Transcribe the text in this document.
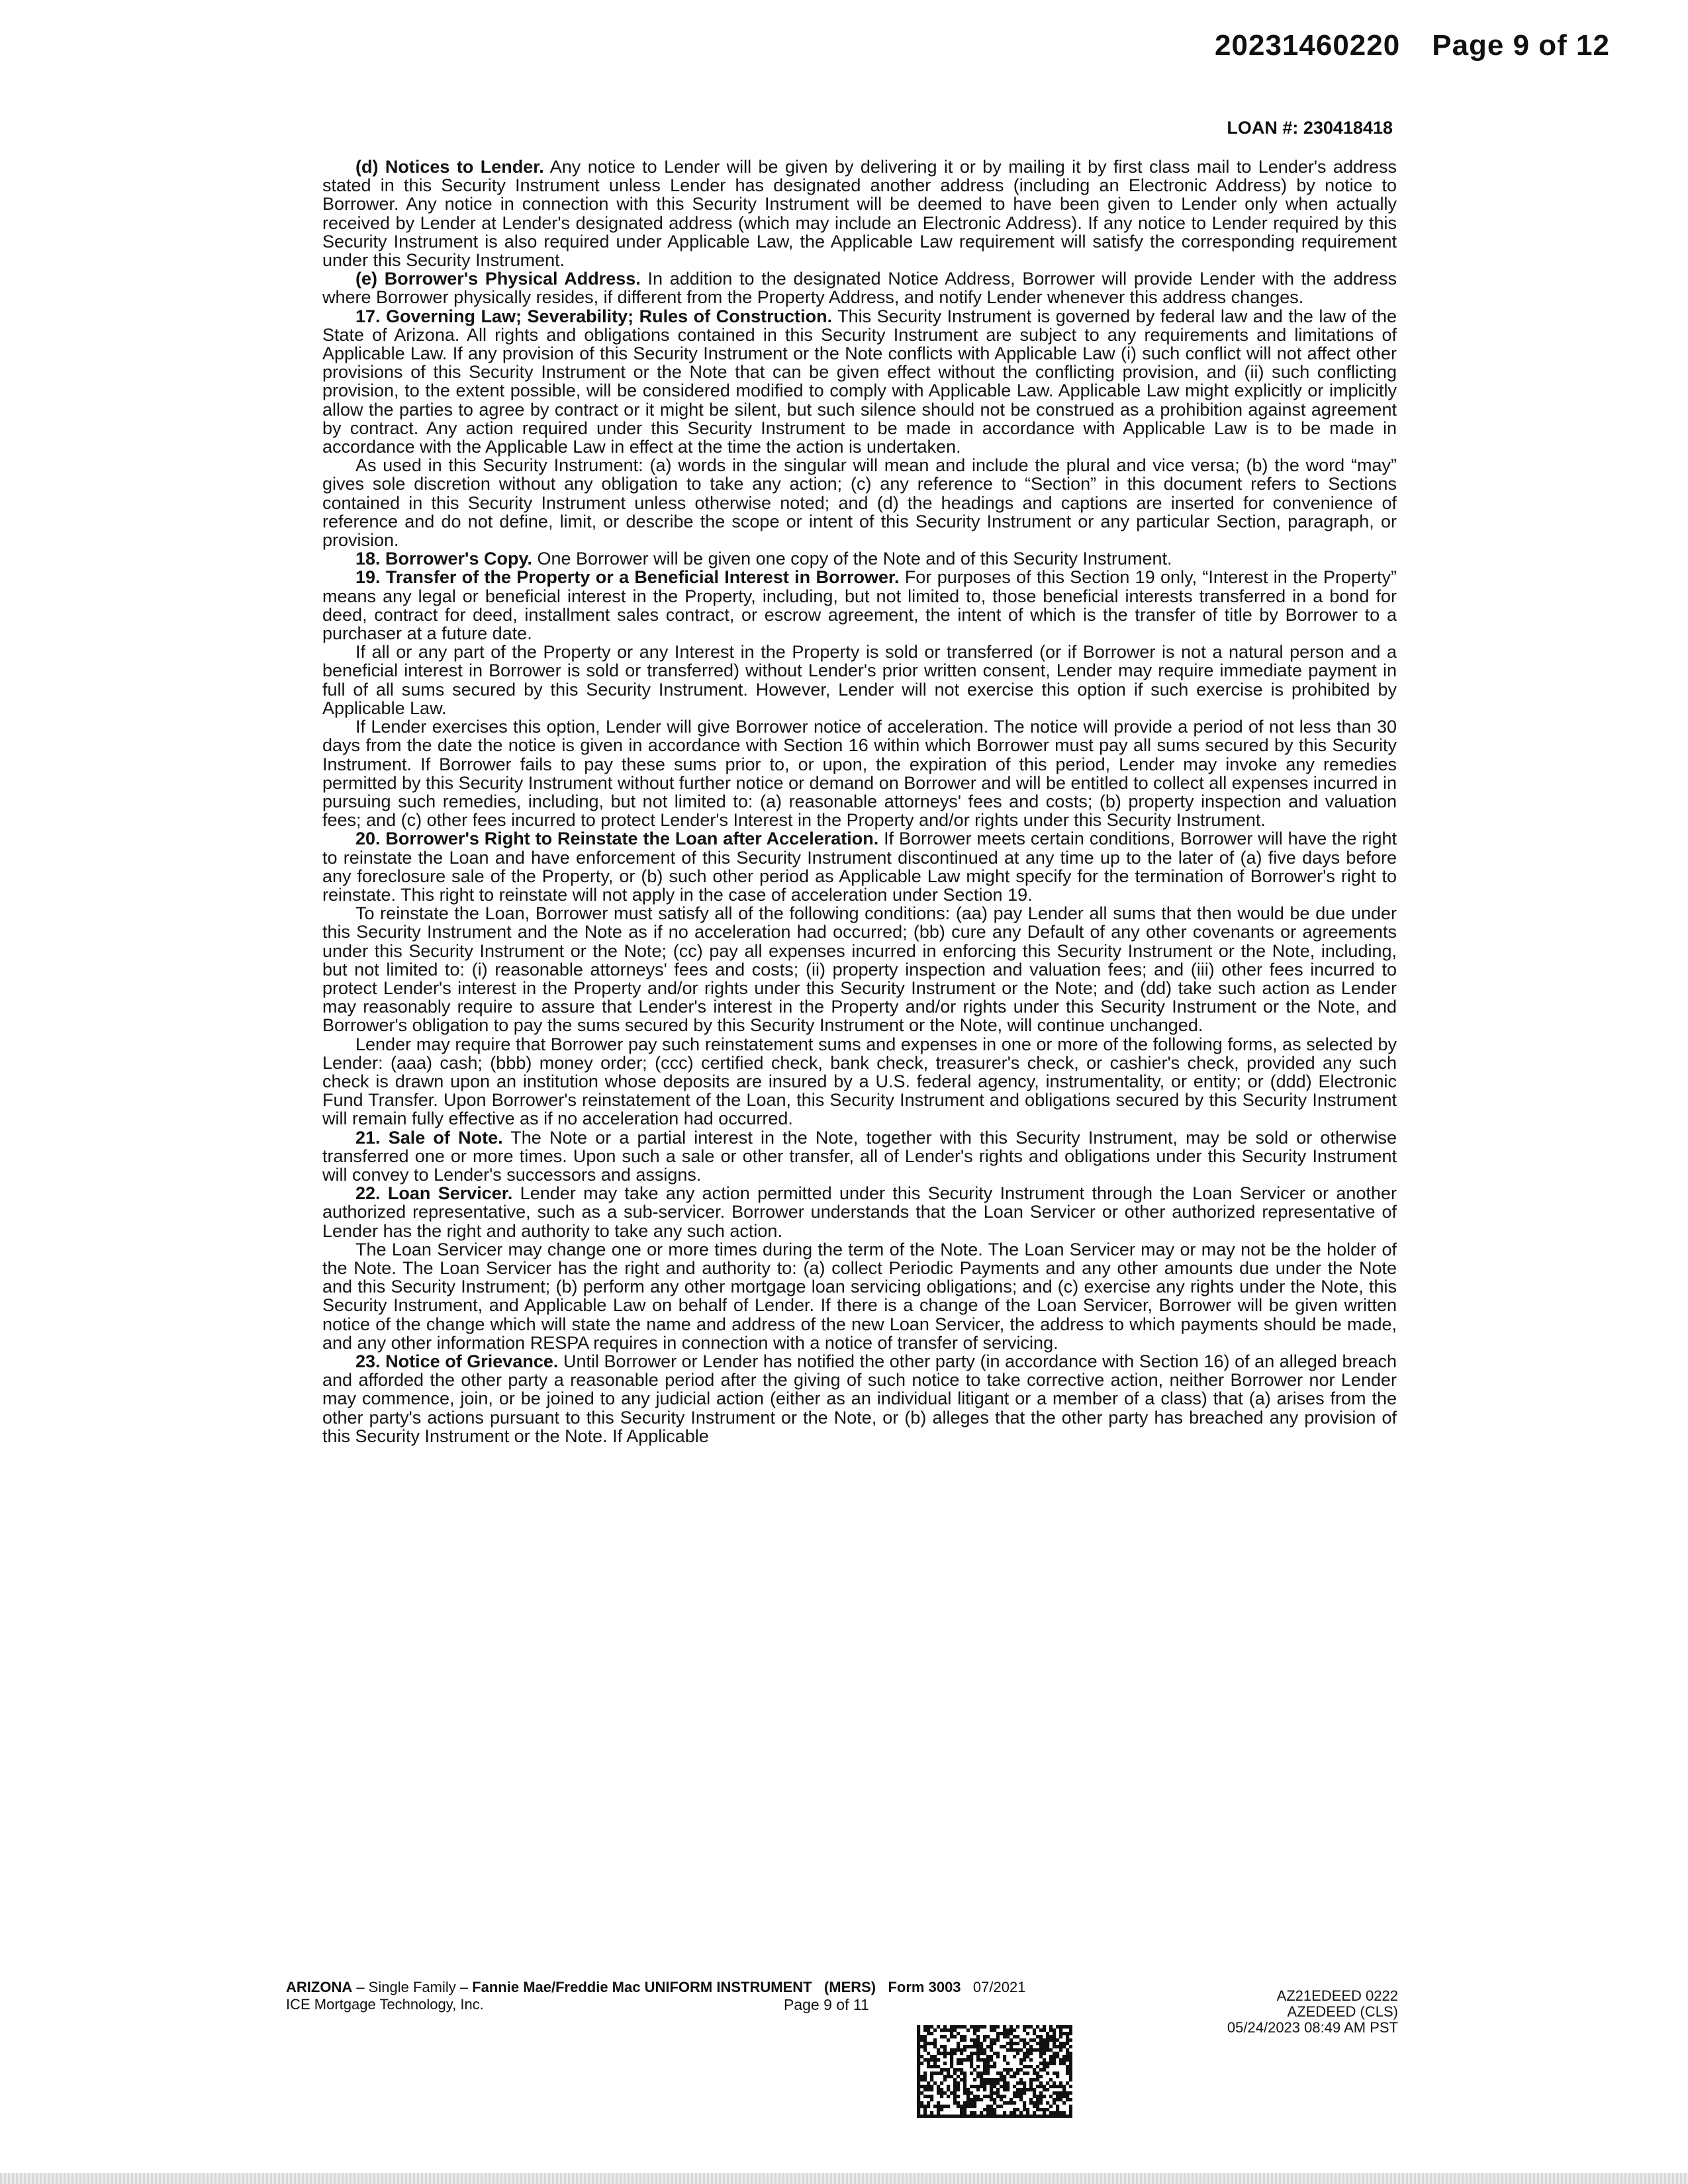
20231460220 Page 9 of 12
LOAN #: 230418418

(d) Notices to Lender. Any notice to Lender will be given by delivering it or by mailing it by first class mail to Lender's address stated in this Security Instrument unless Lender has designated another address (including an Electronic Address) by notice to Borrower. Any notice in connection with this Security Instrument will be deemed to have been given to Lender only when actually received by Lender at Lender's designated address (which may include an Electronic Address). If any notice to Lender required by this Security Instrument is also required under Applicable Law, the Applicable Law requirement will satisfy the corresponding requirement under this Security Instrument.

(e) Borrower's Physical Address. In addition to the designated Notice Address, Borrower will provide Lender with the address where Borrower physically resides, if different from the Property Address, and notify Lender whenever this address changes.

17. Governing Law; Severability; Rules of Construction. This Security Instrument is governed by federal law and the law of the State of Arizona. All rights and obligations contained in this Security Instrument are subject to any requirements and limitations of Applicable Law. If any provision of this Security Instrument or the Note conflicts with Applicable Law (i) such conflict will not affect other provisions of this Security Instrument or the Note that can be given effect without the conflicting provision, and (ii) such conflicting provision, to the extent possible, will be considered modified to comply with Applicable Law. Applicable Law might explicitly or implicitly allow the parties to agree by contract or it might be silent, but such silence should not be construed as a prohibition against agreement by contract. Any action required under this Security Instrument to be made in accordance with Applicable Law is to be made in accordance with the Applicable Law in effect at the time the action is undertaken.

As used in this Security Instrument: (a) words in the singular will mean and include the plural and vice versa; (b) the word “may” gives sole discretion without any obligation to take any action; (c) any reference to “Section” in this document refers to Sections contained in this Security Instrument unless otherwise noted; and (d) the headings and captions are inserted for convenience of reference and do not define, limit, or describe the scope or intent of this Security Instrument or any particular Section, paragraph, or provision.

18. Borrower's Copy. One Borrower will be given one copy of the Note and of this Security Instrument.

19. Transfer of the Property or a Beneficial Interest in Borrower. For purposes of this Section 19 only, “Interest in the Property” means any legal or beneficial interest in the Property, including, but not limited to, those beneficial interests transferred in a bond for deed, contract for deed, installment sales contract, or escrow agreement, the intent of which is the transfer of title by Borrower to a purchaser at a future date.

If all or any part of the Property or any Interest in the Property is sold or transferred (or if Borrower is not a natural person and a beneficial interest in Borrower is sold or transferred) without Lender's prior written consent, Lender may require immediate payment in full of all sums secured by this Security Instrument. However, Lender will not exercise this option if such exercise is prohibited by Applicable Law.

If Lender exercises this option, Lender will give Borrower notice of acceleration. The notice will provide a period of not less than 30 days from the date the notice is given in accordance with Section 16 within which Borrower must pay all sums secured by this Security Instrument. If Borrower fails to pay these sums prior to, or upon, the expiration of this period, Lender may invoke any remedies permitted by this Security Instrument without further notice or demand on Borrower and will be entitled to collect all expenses incurred in pursuing such remedies, including, but not limited to: (a) reasonable attorneys' fees and costs; (b) property inspection and valuation fees; and (c) other fees incurred to protect Lender's Interest in the Property and/or rights under this Security Instrument.

20. Borrower's Right to Reinstate the Loan after Acceleration. If Borrower meets certain conditions, Borrower will have the right to reinstate the Loan and have enforcement of this Security Instrument discontinued at any time up to the later of (a) five days before any foreclosure sale of the Property, or (b) such other period as Applicable Law might specify for the termination of Borrower's right to reinstate. This right to reinstate will not apply in the case of acceleration under Section 19.

To reinstate the Loan, Borrower must satisfy all of the following conditions: (aa) pay Lender all sums that then would be due under this Security Instrument and the Note as if no acceleration had occurred; (bb) cure any Default of any other covenants or agreements under this Security Instrument or the Note; (cc) pay all expenses incurred in enforcing this Security Instrument or the Note, including, but not limited to: (i) reasonable attorneys' fees and costs; (ii) property inspection and valuation fees; and (iii) other fees incurred to protect Lender's interest in the Property and/or rights under this Security Instrument or the Note; and (dd) take such action as Lender may reasonably require to assure that Lender's interest in the Property and/or rights under this Security Instrument or the Note, and Borrower's obligation to pay the sums secured by this Security Instrument or the Note, will continue unchanged.

Lender may require that Borrower pay such reinstatement sums and expenses in one or more of the following forms, as selected by Lender: (aaa) cash; (bbb) money order; (ccc) certified check, bank check, treasurer's check, or cashier's check, provided any such check is drawn upon an institution whose deposits are insured by a U.S. federal agency, instrumentality, or entity; or (ddd) Electronic Fund Transfer. Upon Borrower's reinstatement of the Loan, this Security Instrument and obligations secured by this Security Instrument will remain fully effective as if no acceleration had occurred.

21. Sale of Note. The Note or a partial interest in the Note, together with this Security Instrument, may be sold or otherwise transferred one or more times. Upon such a sale or other transfer, all of Lender's rights and obligations under this Security Instrument will convey to Lender's successors and assigns.

22. Loan Servicer. Lender may take any action permitted under this Security Instrument through the Loan Servicer or another authorized representative, such as a sub-servicer. Borrower understands that the Loan Servicer or other authorized representative of Lender has the right and authority to take any such action.

The Loan Servicer may change one or more times during the term of the Note. The Loan Servicer may or may not be the holder of the Note. The Loan Servicer has the right and authority to: (a) collect Periodic Payments and any other amounts due under the Note and this Security Instrument; (b) perform any other mortgage loan servicing obligations; and (c) exercise any rights under the Note, this Security Instrument, and Applicable Law on behalf of Lender. If there is a change of the Loan Servicer, Borrower will be given written notice of the change which will state the name and address of the new Loan Servicer, the address to which payments should be made, and any other information RESPA requires in connection with a notice of transfer of servicing.

23. Notice of Grievance. Until Borrower or Lender has notified the other party (in accordance with Section 16) of an alleged breach and afforded the other party a reasonable period after the giving of such notice to take corrective action, neither Borrower nor Lender may commence, join, or be joined to any judicial action (either as an individual litigant or a member of a class) that (a) arises from the other party's actions pursuant to this Security Instrument or the Note, or (b) alleges that the other party has breached any provision of this Security Instrument or the Note. If Applicable

ARIZONA – Single Family – Fannie Mae/Freddie Mac UNIFORM INSTRUMENT (MERS) Form 3003 07/2021
ICE Mortgage Technology, Inc.	Page 9 of 11
AZ21EDEED 0222
AZEDEED (CLS)
05/24/2023 08:49 AM PST
